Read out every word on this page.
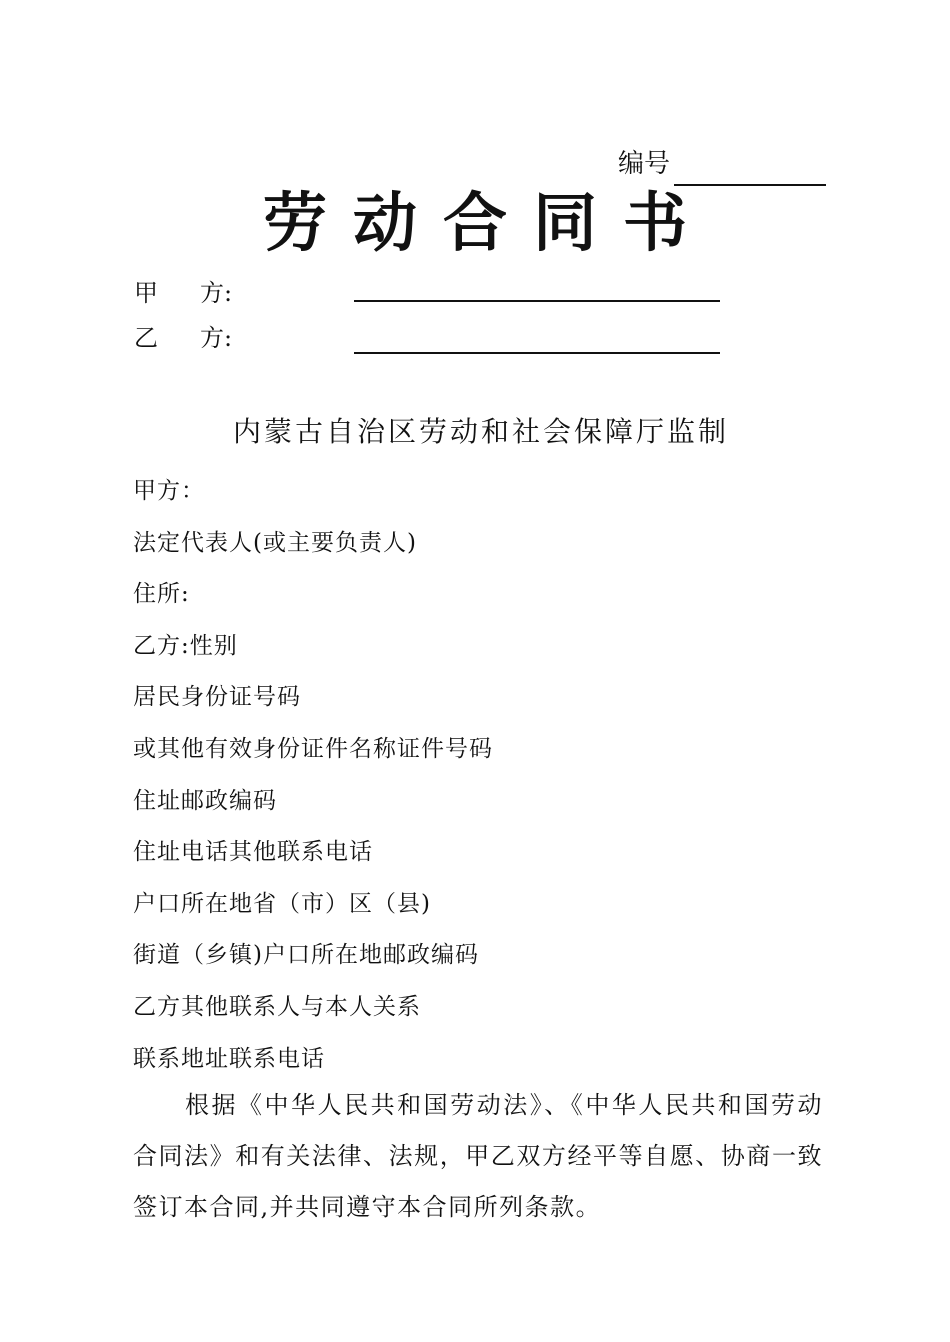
编号
劳动合同书
甲 方:
乙 方:
内蒙古自治区劳动和社会保障厅监制
甲方：
法定代表人(或主要负责人)
住所:
乙方:性别
居民身份证号码
或其他有效身份证件名称证件号码
住址邮政编码
住址电话其他联系电话
户口所在地省（市）区（县)
街道（乡镇)户口所在地邮政编码
乙方其他联系人与本人关系
联系地址联系电话
根据《中华人民共和国劳动法》、《中华人民共和国劳动合同法》和有关法律、法规，甲乙双方经平等自愿、协商一致签订本合同,并共同遵守本合同所列条款。
